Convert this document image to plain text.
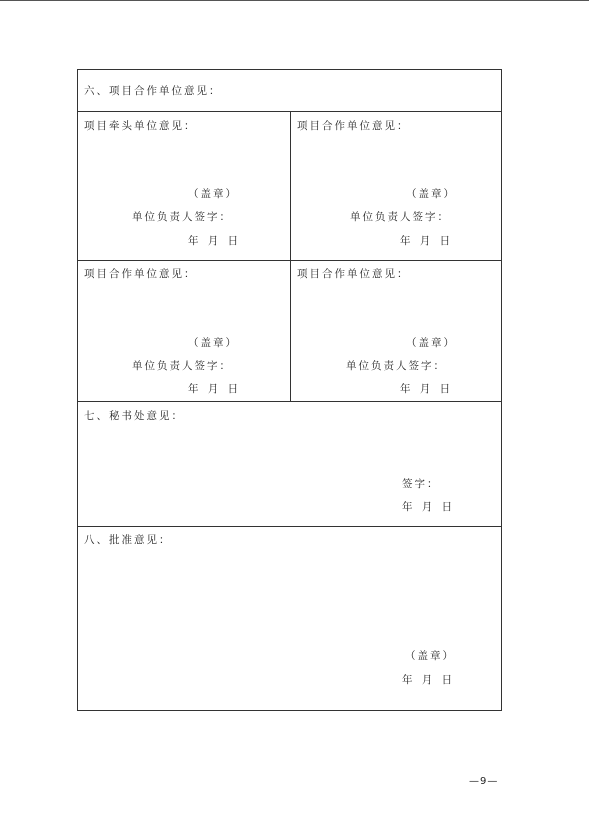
六、项目合作单位意见：
项目牵头单位意见：
（盖章）
单位负责人签字：
年 月 日
项目合作单位意见：
（盖章）
单位负责人签字：
年 月 日
项目合作单位意见：
（盖章）
单位负责人签字：
年 月 日
项目合作单位意见：
（盖章）
单位负责人签字：
年 月 日
七、秘书处意见：
签字：
年 月 日
八、批准意见：
（盖章）
年 月 日
—9—
